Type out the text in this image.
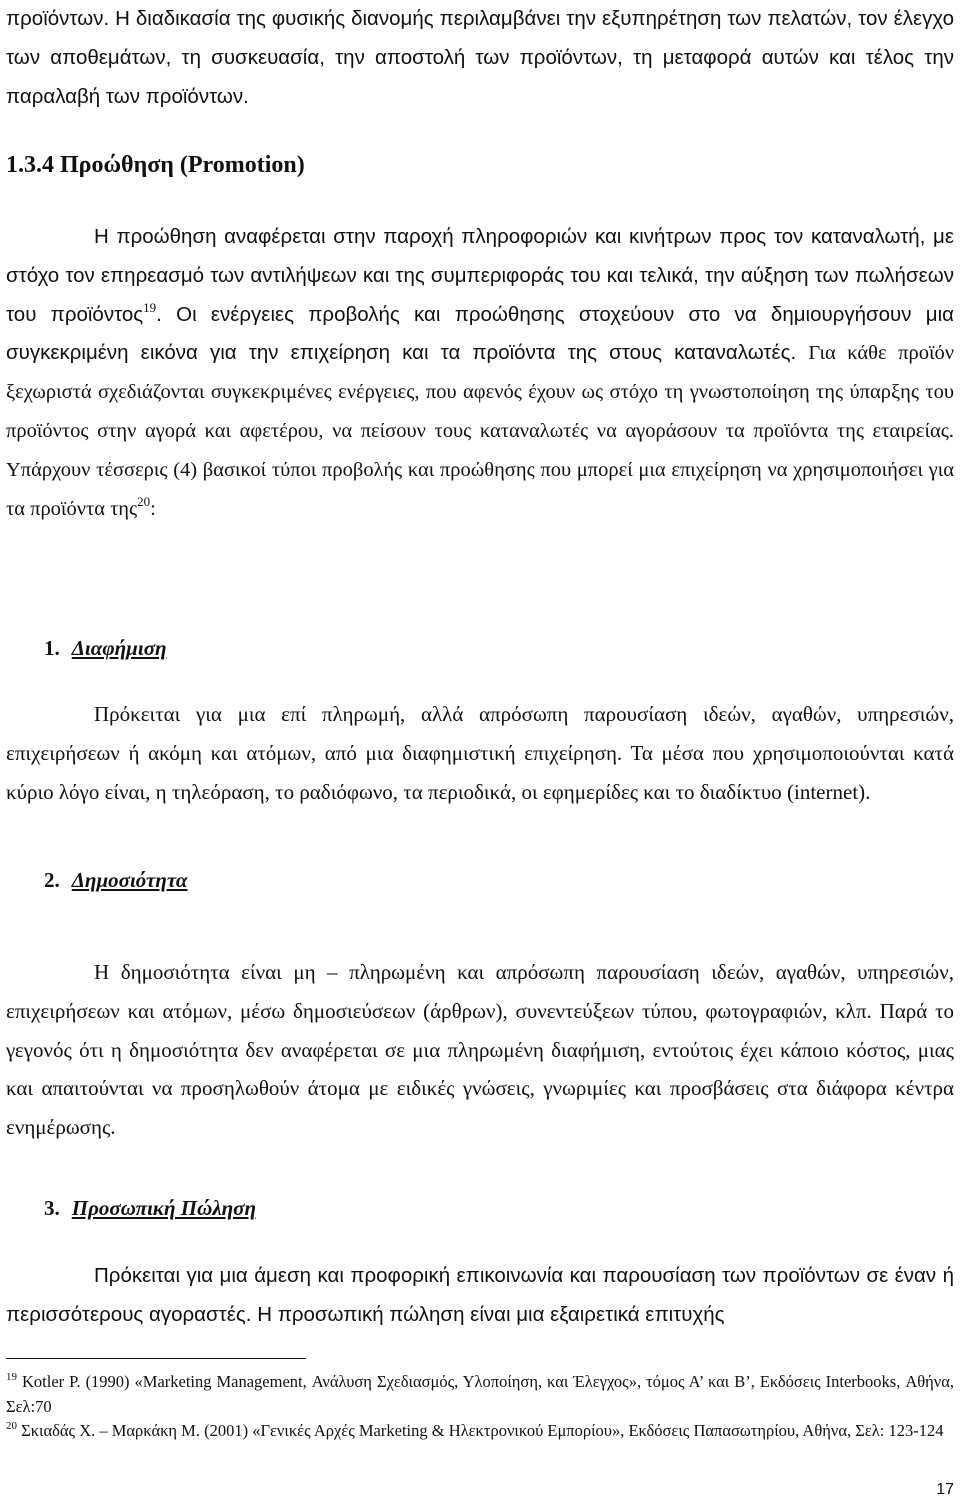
προϊόντων. Η διαδικασία της φυσικής διανομής περιλαμβάνει την εξυπηρέτηση των πελατών, τον έλεγχο των αποθεμάτων, τη συσκευασία, την αποστολή των προϊόντων, τη μεταφορά αυτών και τέλος την παραλαβή των προϊόντων.

1.3.4 Προώθηση (Promotion)

Η προώθηση αναφέρεται στην παροχή πληροφοριών και κινήτρων προς τον καταναλωτή, με στόχο τον επηρεασμό των αντιλήψεων και της συμπεριφοράς του και τελικά, την αύξηση των πωλήσεων του προϊόντος$^{19}$. Οι ενέργειες προβολής και προώθησης στοχεύουν στο να δημιουργήσουν μια συγκεκριμένη εικόνα για την επιχείρηση και τα προϊόντα της στους καταναλωτές. Για κάθε προϊόν ξεχωριστά σχεδιάζονται συγκεκριμένες ενέργειες, που αφενός έχουν ως στόχο τη γνωστοποίηση της ύπαρξης του προϊόντος στην αγορά και αφετέρου, να πείσουν τους καταναλωτές να αγοράσουν τα προϊόντα της εταιρείας. Υπάρχουν τέσσερις (4) βασικοί τύποι προβολής και προώθησης που μπορεί μια επιχείρηση να χρησιμοποιήσει για τα προϊόντα της$^{20}$:

1. Διαφήμιση

Πρόκειται για μια επί πληρωμή, αλλά απρόσωπη παρουσίαση ιδεών, αγαθών, υπηρεσιών, επιχειρήσεων ή ακόμη και ατόμων, από μια διαφημιστική επιχείρηση. Τα μέσα που χρησιμοποιούνται κατά κύριο λόγο είναι, η τηλεόραση, το ραδιόφωνο, τα περιοδικά, οι εφημερίδες και το διαδίκτυο (internet).

2. Δημοσιότητα

Η δημοσιότητα είναι μη – πληρωμένη και απρόσωπη παρουσίαση ιδεών, αγαθών, υπηρεσιών, επιχειρήσεων και ατόμων, μέσω δημοσιεύσεων (άρθρων), συνεντεύξεων τύπου, φωτογραφιών, κλπ. Παρά το γεγονός ότι η δημοσιότητα δεν αναφέρεται σε μια πληρωμένη διαφήμιση, εντούτοις έχει κάποιο κόστος, μιας και απαιτούνται να προσηλωθούν άτομα με ειδικές γνώσεις, γνωριμίες και προσβάσεις στα διάφορα κέντρα ενημέρωσης.

3. Προσωπική Πώληση

Πρόκειται για μια άμεση και προφορική επικοινωνία και παρουσίαση των προϊόντων σε έναν ή περισσότερους αγοραστές. Η προσωπική πώληση είναι μια εξαιρετικά επιτυχής

$^{19}$ Kotler P. (1990) «Marketing Management, Ανάλυση Σχεδιασμός, Υλοποίηση, και Έλεγχος», τόμος Α’ και Β’, Εκδόσεις Interbooks, Αθήνα, Σελ:70

$^{20}$ Σκιαδάς Χ. – Μαρκάκη Μ. (2001) «Γενικές Αρχές Marketing & Ηλεκτρονικού Εμπορίου», Εκδόσεις Παπασωτηρίου, Αθήνα, Σελ: 123-124

17
